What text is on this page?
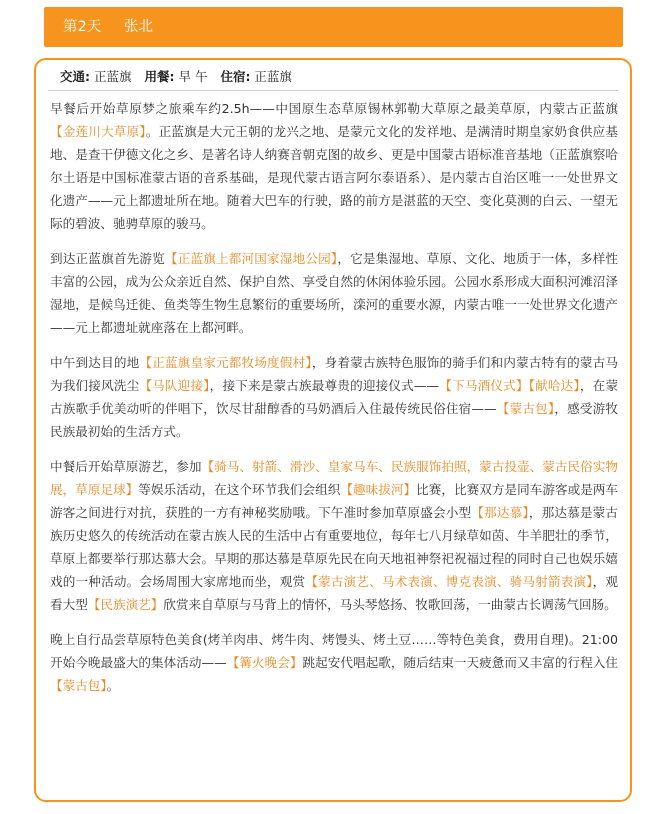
第2天 张北
交通: 正蓝旗 用餐: 早 午 住宿: 正蓝旗

早餐后开始草原梦之旅乘车约2.5h——中国原生态草原锡林郭勒大草原之最美草原，内蒙古正蓝旗【金莲川大草原】。正蓝旗是大元王朝的龙兴之地、是蒙元文化的发祥地、是满清时期皇家奶食供应基地、是查干伊德文化之乡、是著名诗人纳赛音朝克图的故乡、更是中国蒙古语标准音基地（正蓝旗察哈尔土语是中国标准蒙古语的音系基础，是现代蒙古语言阿尔泰语系）、是内蒙古自治区唯一一处世界文化遗产——元上都遗址所在地。随着大巴车的行驶，路的前方是湛蓝的天空、变化莫测的白云、一望无际的碧波、驰骋草原的骏马。

到达正蓝旗首先游览【正蓝旗上都河国家湿地公园】，它是集湿地、草原、文化、地质于一体，多样性丰富的公园，成为公众亲近自然、保护自然、享受自然的休闲体验乐园。公园水系形成大面积河滩沼泽湿地，是候鸟迁徙、鱼类等生物生息繁衍的重要场所，滦河的重要水源，内蒙古唯一一处世界文化遗产——元上都遗址就座落在上都河畔。

中午到达目的地【正蓝旗皇家元都牧场度假村】，身着蒙古族特色服饰的骑手们和内蒙古特有的蒙古马为我们接风洗尘【马队迎接】，接下来是蒙古族最尊贵的迎接仪式——【下马酒仪式】【献哈达】，在蒙古族歌手优美动听的伴唱下，饮尽甘甜醇香的马奶酒后入住最传统民俗住宿——【蒙古包】，感受游牧民族最初始的生活方式。

中餐后开始草原游艺，参加【骑马、射箭、滑沙、皇家马车、民族服饰拍照，蒙古投壶、蒙古民俗实物展，草原足球】等娱乐活动，在这个环节我们会组织【趣味拔河】比赛，比赛双方是同车游客或是两车游客之间进行对抗，获胜的一方有神秘奖励哦。下午准时参加草原盛会小型【那达慕】，那达慕是蒙古族历史悠久的传统活动在蒙古族人民的生活中占有重要地位，每年七八月绿草如茵、牛羊肥壮的季节，草原上都要举行那达慕大会。早期的那达慕是草原先民在向天地祖神祭祀祝福过程的同时自己也娱乐嬉戏的一种活动。会场周围大家席地而坐，观赏【蒙古演艺、马术表演、博克表演、骑马射箭表演】，观看大型【民族演艺】欣赏来自草原与马背上的情怀，马头琴悠扬、牧歌回荡，一曲蒙古长调荡气回肠。

晚上自行品尝草原特色美食(烤羊肉串、烤牛肉、烤馒头、烤土豆……等特色美食，费用自理)。21:00开始今晚最盛大的集体活动——【篝火晚会】跳起安代唱起歌，随后结束一天疲惫而又丰富的行程入住【蒙古包】。
